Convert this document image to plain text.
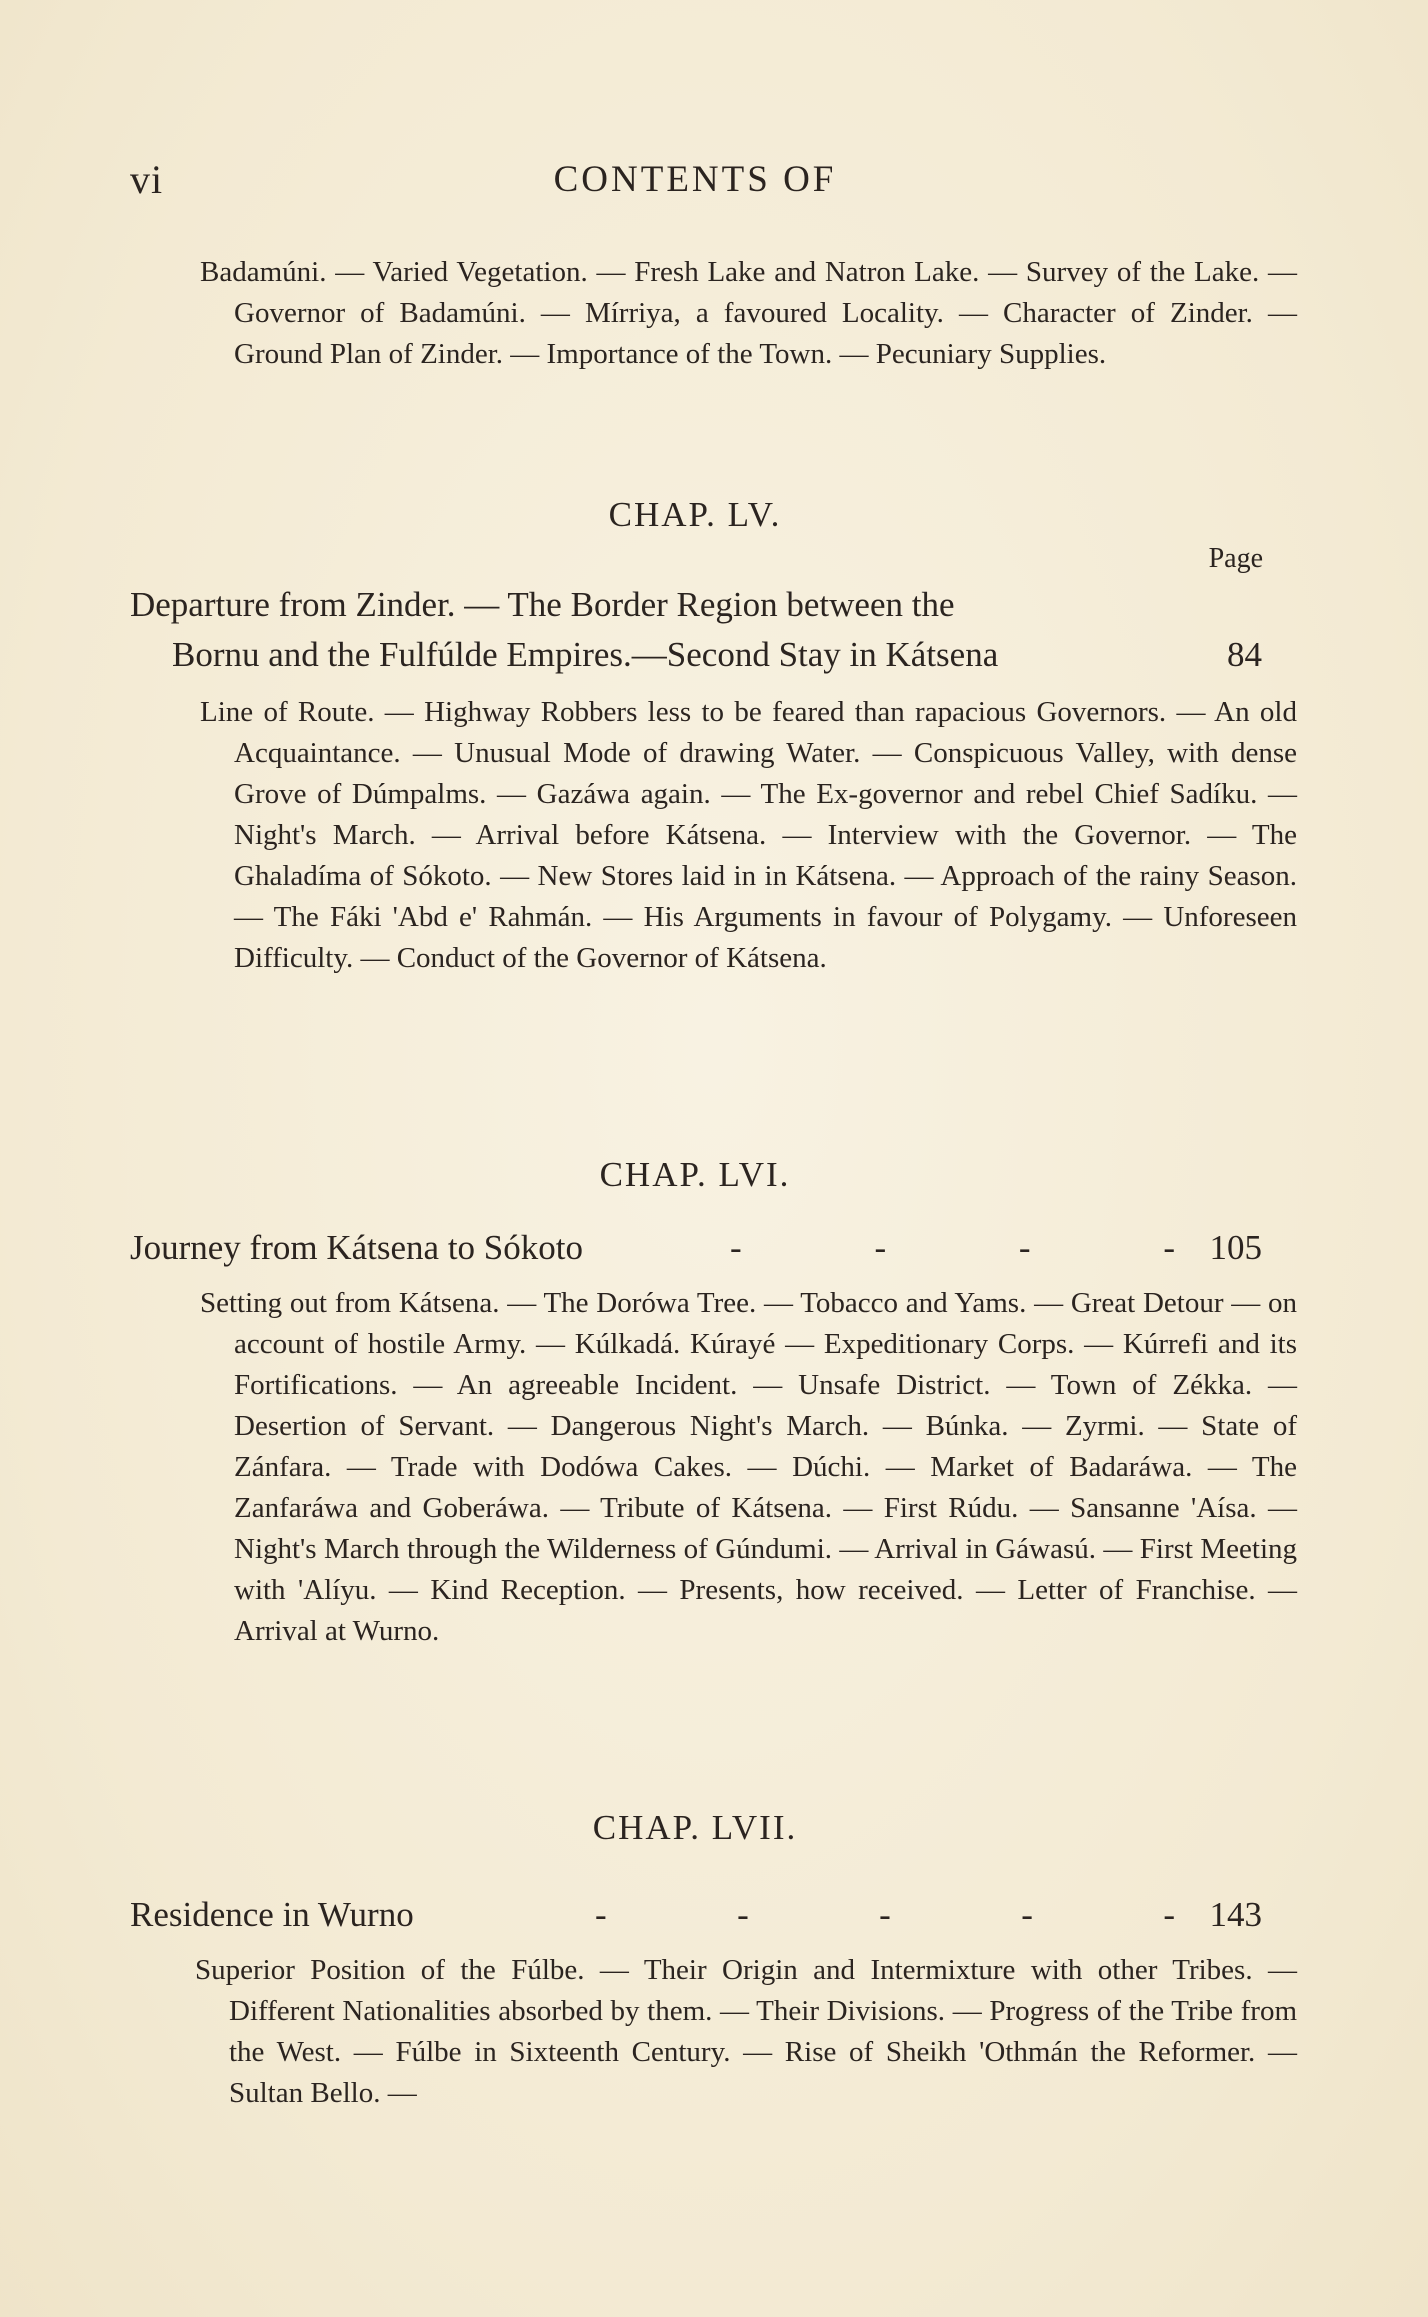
vi	CONTENTS OF
Badamúni. — Varied Vegetation. — Fresh Lake and Natron Lake. — Survey of the Lake. — Governor of Badamúni. — Mírriya, a favoured Locality. — Character of Zinder. — Ground Plan of Zinder. — Importance of the Town. — Pecuniary Supplies.
CHAP. LV.
Page
Departure from Zinder. — The Border Region between the
Bornu and the Fulfúlde Empires.—Second Stay in Kátsena	84
Line of Route. — Highway Robbers less to be feared than rapacious Governors. — An old Acquaintance. — Unusual Mode of drawing Water. — Conspicuous Valley, with dense Grove of Dúmpalms. — Gazáwa again. — The Ex-governor and rebel Chief Sadíku. — Night's March. — Arrival before Kátsena. — Interview with the Governor. — The Ghaladíma of Sókoto. — New Stores laid in in Kátsena. — Approach of the rainy Season. — The Fáki 'Abd e' Rahmán. — His Arguments in favour of Polygamy. — Unforeseen Difficulty. — Conduct of the Governor of Kátsena.
CHAP. LVI.
Journey from Kátsena to Sókoto	-	-	-	- 105
Setting out from Kátsena. — The Dorówa Tree. — Tobacco and Yams. — Great Detour — on account of hostile Army. — Kúlkadá. Kúrayé — Expeditionary Corps. — Kúrrefi and its Fortifications. — An agreeable Incident. — Unsafe District. — Town of Zékka. — Desertion of Servant. — Dangerous Night's March. — Búnka. — Zyrmi. — State of Zánfara. — Trade with Dodówa Cakes. — Dúchi. — Market of Badaráwa. — The Zanfaráwa and Goberáwa. — Tribute of Kátsena. — First Rúdu. — Sansanne 'Aísa. — Night's March through the Wilderness of Gúndumi. — Arrival in Gáwasú. — First Meeting with 'Alíyu. — Kind Reception. — Presents, how received. — Letter of Franchise. — Arrival at Wurno.
CHAP. LVII.
Residence in Wurno	-	-	-	-	- 143
Superior Position of the Fúlbe. — Their Origin and Intermixture with other Tribes. — Different Nationalities absorbed by them. — Their Divisions. — Progress of the Tribe from the West. — Fúlbe in Sixteenth Century. — Rise of Sheikh 'Othmán the Reformer. — Sultan Bello. —
